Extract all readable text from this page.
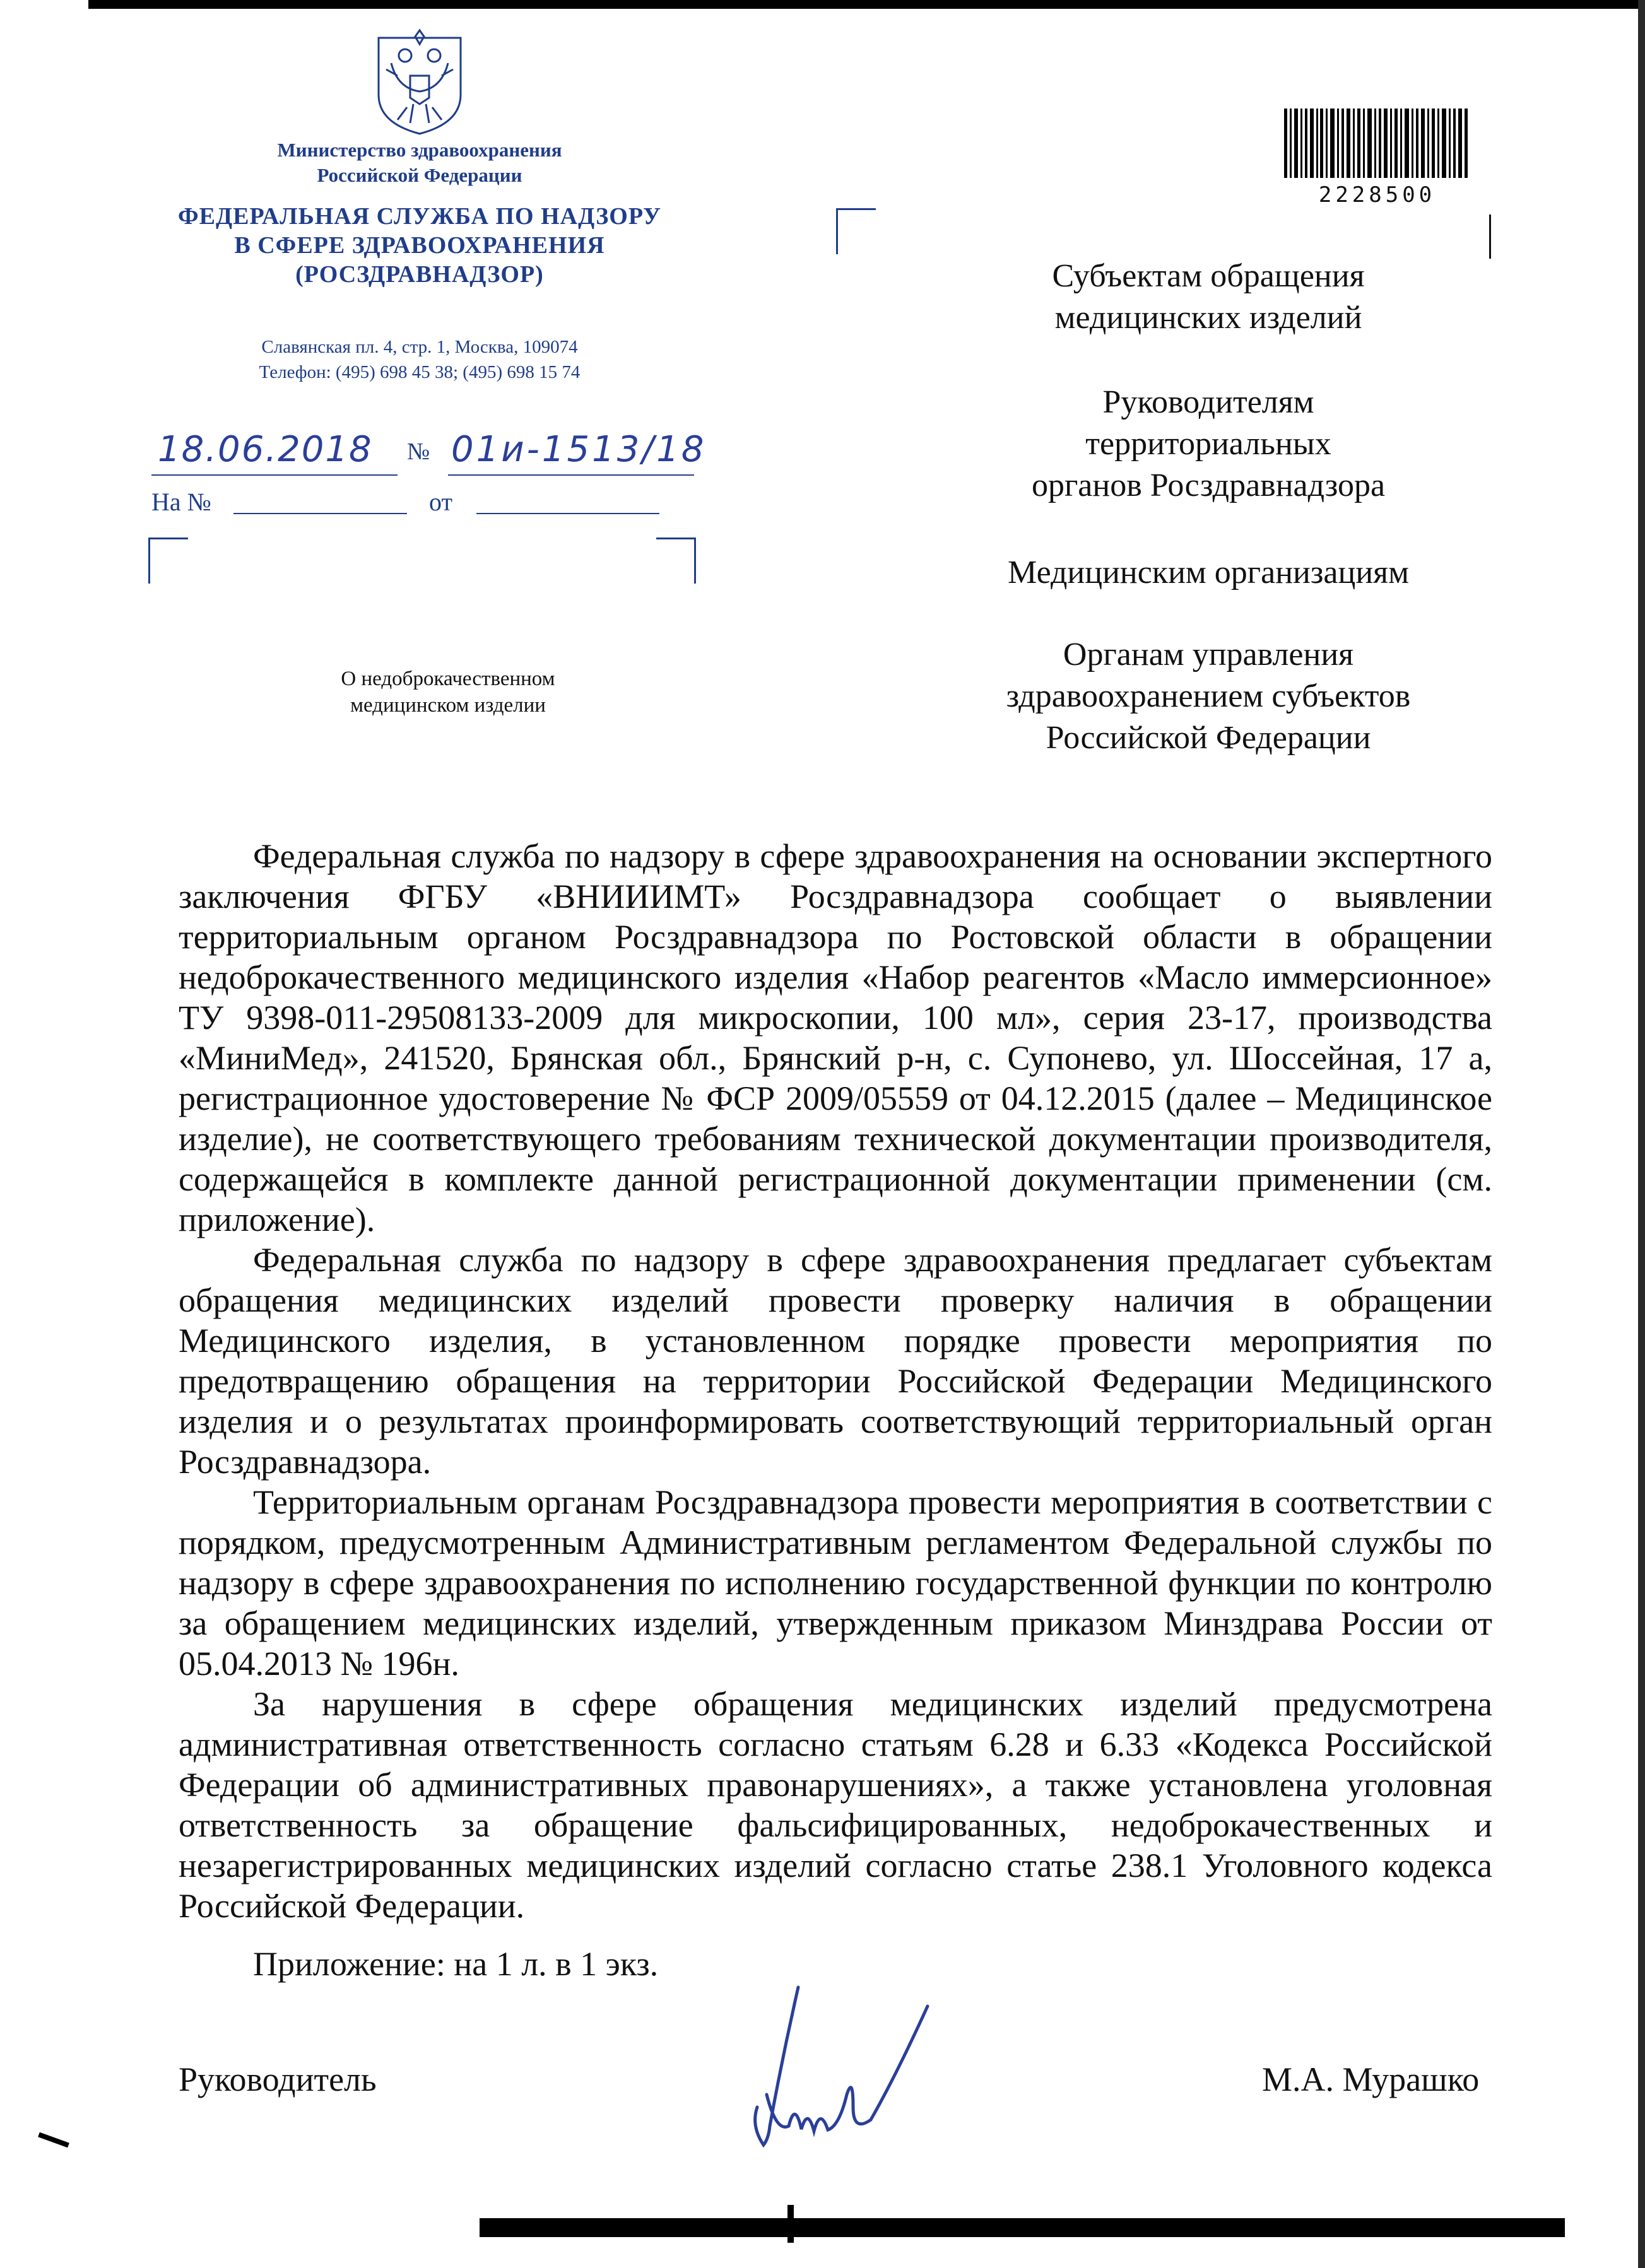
Министерство здравоохранения
Российской Федерации
ФЕДЕРАЛЬНАЯ СЛУЖБА ПО НАДЗОРУ
В СФЕРЕ ЗДРАВООХРАНЕНИЯ
(РОСЗДРАВНАДЗОР)
Славянская пл. 4, стр. 1, Москва, 109074
Телефон: (495) 698 45 38; (495) 698 15 74
18.06.2018 № 01и-1513/18
На №	от
2228500
Субъектам обращения
медицинских изделий
Руководителям
территориальных
органов Росздравнадзора
Медицинским организациям
Органам управления
здравоохранением субъектов
Российской Федерации
О недоброкачественном
медицинском изделии

Федеральная служба по надзору в сфере здравоохранения на основании экспертного заключения ФГБУ «ВНИИИМТ» Росздравнадзора сообщает о выявлении территориальным органом Росздравнадзора по Ростовской области в обращении недоброкачественного медицинского изделия «Набор реагентов «Масло иммерсионное» ТУ 9398-011-29508133-2009 для микроскопии, 100 мл», серия 23-17, производства «МиниМед», 241520, Брянская обл., Брянский р-н, с. Супонево, ул. Шоссейная, 17 а, регистрационное удостоверение № ФСР 2009/05559 от 04.12.2015 (далее – Медицинское изделие), не соответствующего требованиям технической документации производителя, содержащейся в комплекте данной регистрационной документации применении (см. приложение).

Федеральная служба по надзору в сфере здравоохранения предлагает субъектам обращения медицинских изделий провести проверку наличия в обращении Медицинского изделия, в установленном порядке провести мероприятия по предотвращению обращения на территории Российской Федерации Медицинского изделия и о результатах проинформировать соответствующий территориальный орган Росздравнадзора.

Территориальным органам Росздравнадзора провести мероприятия в соответствии с порядком, предусмотренным Административным регламентом Федеральной службы по надзору в сфере здравоохранения по исполнению государственной функции по контролю за обращением медицинских изделий, утвержденным приказом Минздрава России от 05.04.2013 № 196н.

За нарушения в сфере обращения медицинских изделий предусмотрена административная ответственность согласно статьям 6.28 и 6.33 «Кодекса Российской Федерации об административных правонарушениях», а также установлена уголовная ответственность за обращение фальсифицированных, недоброкачественных и незарегистрированных медицинских изделий согласно статье 238.1 Уголовного кодекса Российской Федерации.

Приложение: на 1 л. в 1 экз.

Руководитель	М.А. Мурашко
